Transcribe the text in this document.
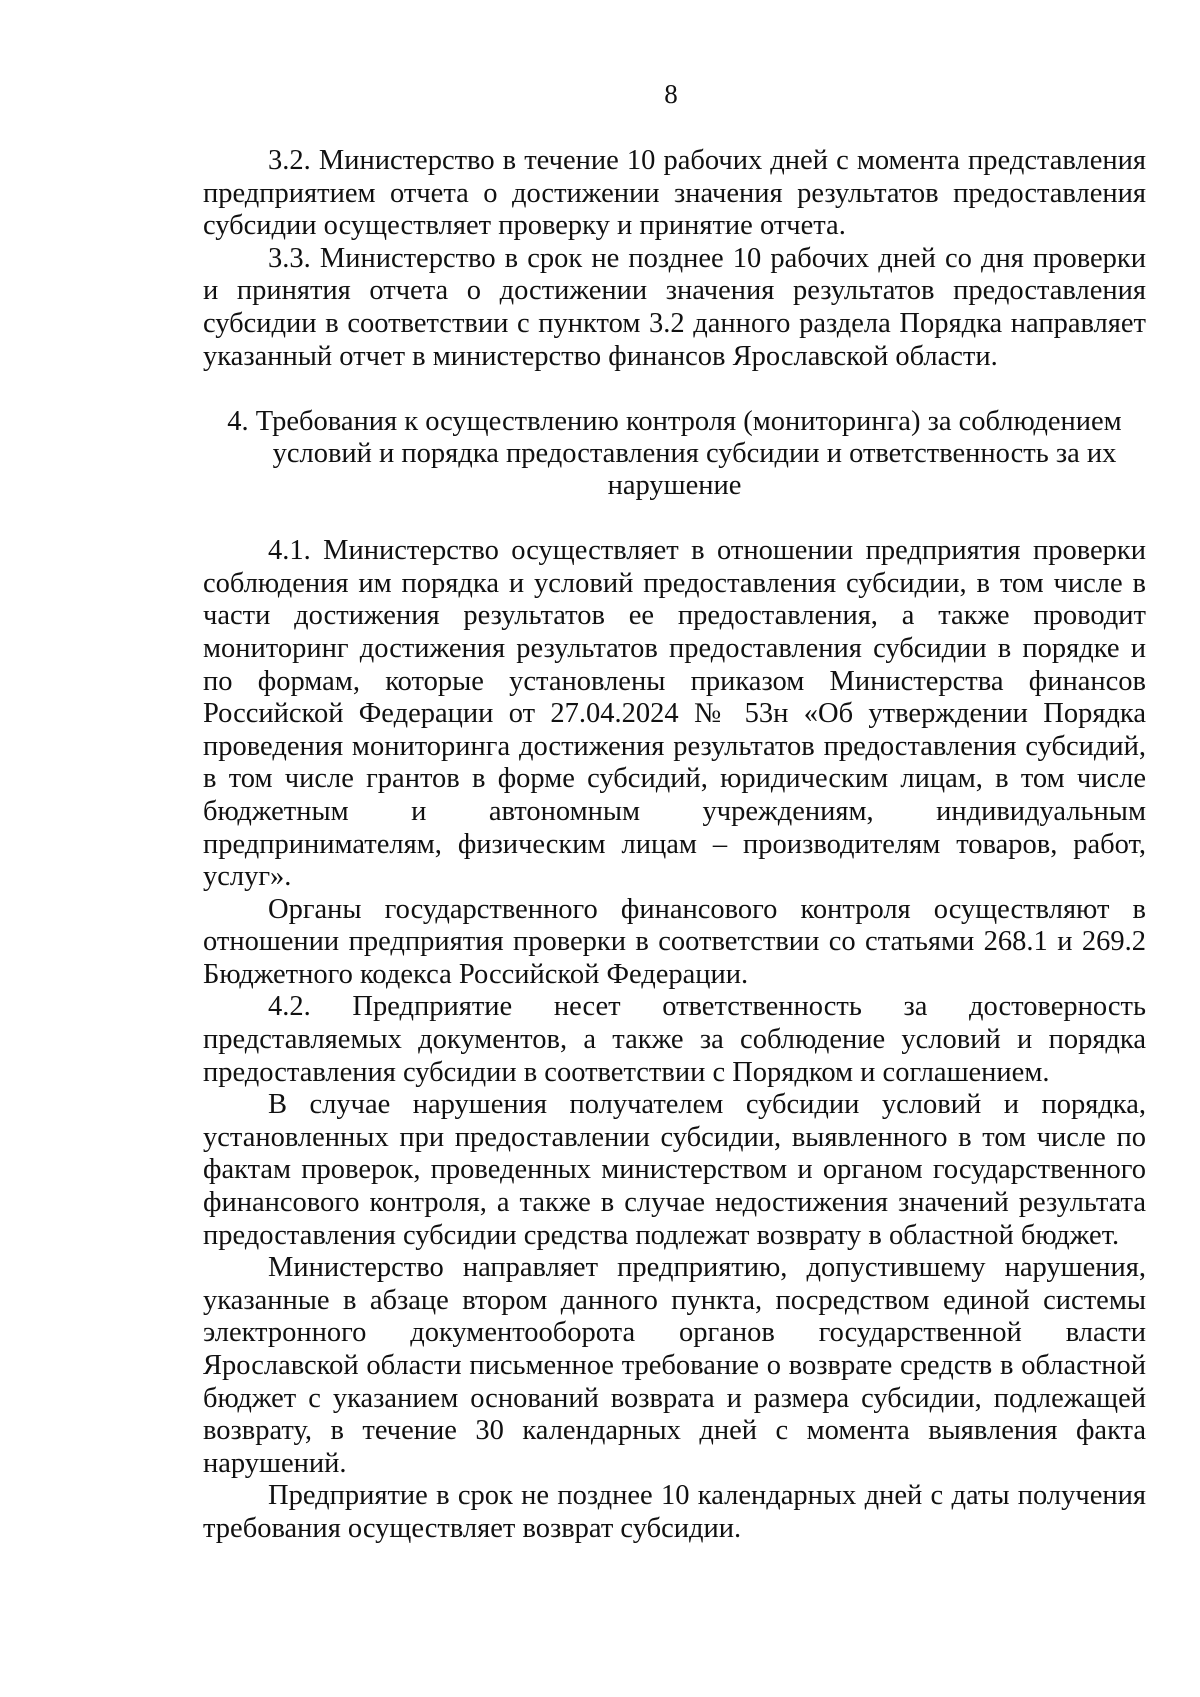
8

3.2. Министерство в течение 10 рабочих дней с момента представления предприятием отчета о достижении значения результатов предоставления субсидии осуществляет проверку и принятие отчета.

3.3. Министерство в срок не позднее 10 рабочих дней со дня проверки и принятия отчета о достижении значения результатов предоставления субсидии в соответствии с пунктом 3.2 данного раздела Порядка направляет указанный отчет в министерство финансов Ярославской области.

4. Требования к осуществлению контроля (мониторинга) за соблюдением
условий и порядка предоставления субсидии и ответственность за их
нарушение

4.1. Министерство осуществляет в отношении предприятия проверки соблюдения им порядка и условий предоставления субсидии, в том числе в части достижения результатов ее предоставления, а также проводит мониторинг достижения результатов предоставления субсидии в порядке и по формам, которые установлены приказом Министерства финансов Российской Федерации от 27.04.2024 № 53н «Об утверждении Порядка проведения мониторинга достижения результатов предоставления субсидий, в том числе грантов в форме субсидий, юридическим лицам, в том числе бюджетным и автономным учреждениям, индивидуальным предпринимателям, физическим лицам – производителям товаров, работ, услуг».

Органы государственного финансового контроля осуществляют в отношении предприятия проверки в соответствии со статьями 268.1 и 269.2 Бюджетного кодекса Российской Федерации.

4.2. Предприятие несет ответственность за достоверность представляемых документов, а также за соблюдение условий и порядка предоставления субсидии в соответствии с Порядком и соглашением.

В случае нарушения получателем субсидии условий и порядка, установленных при предоставлении субсидии, выявленного в том числе по фактам проверок, проведенных министерством и органом государственного финансового контроля, а также в случае недостижения значений результата предоставления субсидии средства подлежат возврату в областной бюджет.

Министерство направляет предприятию, допустившему нарушения, указанные в абзаце втором данного пункта, посредством единой системы электронного документооборота органов государственной власти Ярославской области письменное требование о возврате средств в областной бюджет с указанием оснований возврата и размера субсидии, подлежащей возврату, в течение 30 календарных дней с момента выявления факта нарушений.

Предприятие в срок не позднее 10 календарных дней с даты получения требования осуществляет возврат субсидии.
